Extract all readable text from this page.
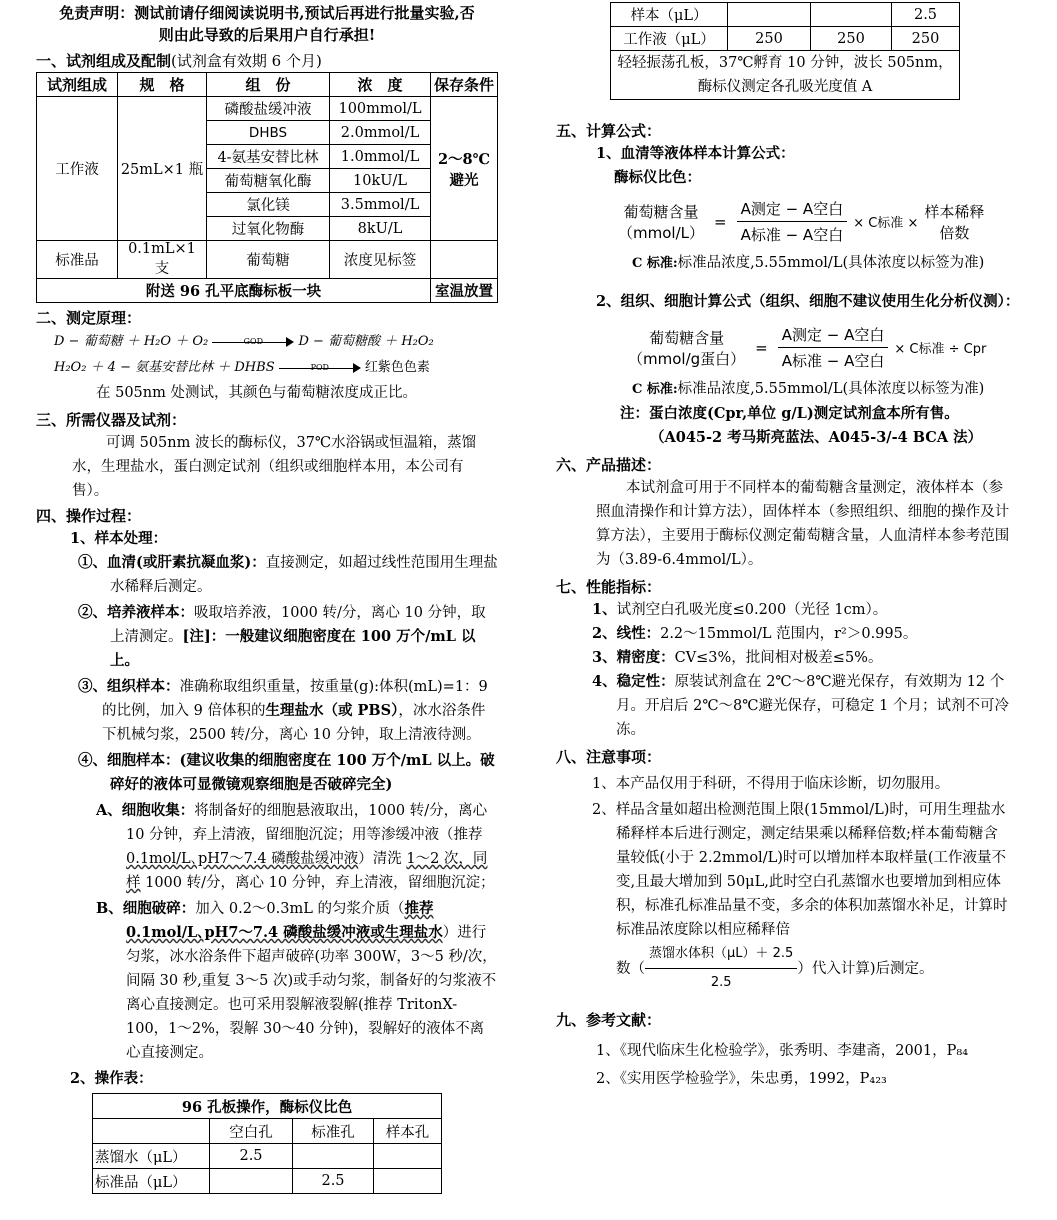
免责声明：测试前请仔细阅读说明书,预试后再进行批量实验,否
则由此导致的后果用户自行承担!
一、试剂组成及配制(试剂盒有效期 6 个月)
试剂组成	规　格	组　份	浓　度	保存条件
工作液	25mL×1 瓶	磷酸盐缓冲液	100mmol/L	2～8℃
避光

		DHBS	2.0mmol/L	
		4-氨基安替比林	1.0mmol/L	
		葡萄糖氧化酶	10kU/L	
		氯化镁	3.5mmol/L	
		过氧化物酶	8kU/L	
标准品	0.1mL×1 支	葡萄糖	浓度见标签	
附送 96 孔平底酶标板一块				室温放置
二、测定原理：
D − 葡萄糖 ＋ H₂O ＋ O₂	GOD	D − 葡萄糖酸 ＋ H₂O₂
H₂O₂ ＋ 4 − 氨基安替比林 ＋ DHBS	POD	红紫色色素
在 505nm 处测试，其颜色与葡萄糖浓度成正比。
三、所需仪器及试剂：
可调 505nm 波长的酶标仪，37℃水浴锅或恒温箱，蒸馏水，生理盐水，蛋白测定试剂（组织或细胞样本用，本公司有售）。
四、操作过程：
1、样本处理：
①、血清(或肝素抗凝血浆)：直接测定，如超过线性范围用生理盐水稀释后测定。
②、培养液样本：吸取培养液，1000 转/分，离心 10 分钟，取上清测定。[注]：一般建议细胞密度在 100 万个/mL 以上。
③、组织样本：准确称取组织重量，按重量(g):体积(mL)=1：9 的比例，加入 9 倍体积的生理盐水（或 PBS），冰水浴条件下机械匀浆，2500 转/分，离心 10 分钟，取上清液待测。
④、细胞样本：(建议收集的细胞密度在 100 万个/mL 以上。破碎好的液体可显微镜观察细胞是否破碎完全)
A、细胞收集：将制备好的细胞悬液取出，1000 转/分，离心 10 分钟，弃上清液，留细胞沉淀；用等渗缓冲液（推荐 0.1mol/L､pH7～7.4 磷酸盐缓冲液）清洗 1～2 次，同样 1000 转/分，离心 10 分钟，弃上清液，留细胞沉淀；
B、细胞破碎：加入 0.2～0.3mL 的匀浆介质（推荐 0.1mol/L､pH7～7.4 磷酸盐缓冲液或生理盐水）进行匀浆，冰水浴条件下超声破碎(功率 300W，3～5 秒/次，间隔 30 秒,重复 3～5 次)或手动匀浆，制备好的匀浆液不离心直接测定。也可采用裂解液裂解(推荐 TritonX-100，1～2%，裂解 30～40 分钟)，裂解好的液体不离心直接测定。
2、操作表：
96 孔板操作，酶标仪比色			
	空白孔	标准孔	样本孔
蒸馏水（μL）	2.5		
标准品（μL）		2.5	
样本（μL）			2.5
工作液（μL）	250	250	250

轻轻振荡孔板，37℃孵育 10 分钟，波长 505nm，
酶标仪测定各孔吸光度值 A			
五、计算公式：
1、血清等液体样本计算公式：
酶标仪比色：
葡萄糖含量
（mmol/L）
= $\frac{\text{A测定 − A空白}}{\text{A标准 − A空白}} \times C$标准 ×
样本稀释
倍数
C 标准:标准品浓度,5.55mmol/L(具体浓度以标签为准)
2、组织、细胞计算公式（组织、细胞不建议使用生化分析仪测）：
葡萄糖含量
（mmol/g蛋白）
= $\frac{\text{A测定 − A空白}}{\text{A标准 − A空白}} \times C$标准 ÷ Cpr
C 标准:标准品浓度,5.55mmol/L(具体浓度以标签为准)
注：蛋白浓度(Cpr,单位 g/L)测定试剂盒本所有售。
（A045-2 考马斯亮蓝法、A045-3/-4 BCA 法）
六、产品描述：
本试剂盒可用于不同样本的葡萄糖含量测定，液体样本（参照血清操作和计算方法），固体样本（参照组织、细胞的操作及计算方法），主要用于酶标仪测定葡萄糖含量，人血清样本参考范围为（3.89-6.4mmol/L）。
七、性能指标：
1、试剂空白孔吸光度≤0.200（光径 1cm）。
2、线性：2.2～15mmol/L 范围内，r²＞0.995。
3、精密度：CV≤3%，批间相对极差≤5%。
4、稳定性：原装试剂盒在 2℃～8℃避光保存，有效期为 12 个月。开启后 2℃～8℃避光保存，可稳定 1 个月；试剂不可冷冻。
八、注意事项：
1、本产品仅用于科研，不得用于临床诊断，切勿服用。
2、样品含量如超出检测范围上限(15mmol/L)时，可用生理盐水稀释样本后进行测定，测定结果乘以稀释倍数;样本葡萄糖含量较低(小于 2.2mmol/L)时可以增加样本取样量(工作液量不变,且最大增加到 50μL,此时空白孔蒸馏水也要增加到相应体积，标准孔标准品量不变，多余的体积加蒸馏水补足，计算时标准品浓度除以相应稀释倍
数（ $\frac{\text{蒸馏水体积（μL）＋ 2.5}}{2.5}$ ）代入计算)后测定。
九、参考文献：
1、《现代临床生化检验学》，张秀明、李建斋，2001，P₈₄
2、《实用医学检验学》，朱忠勇，1992，P₄₂₃
